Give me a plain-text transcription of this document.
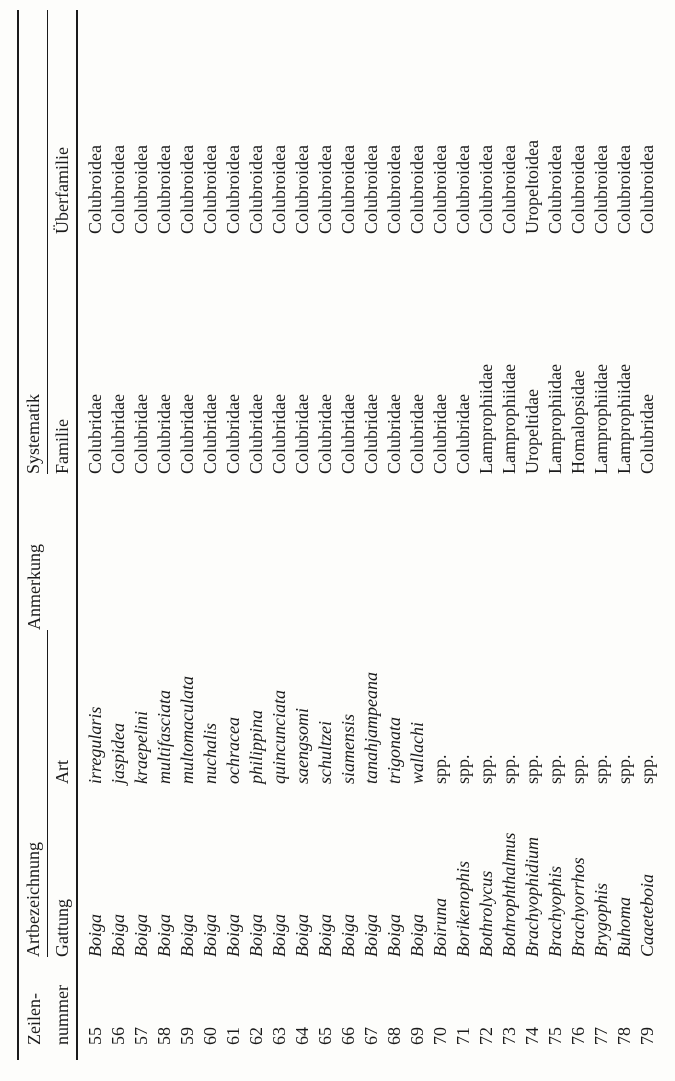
Zeilen-
Artbezeichnung
Anmerkung
Systematik
nummer
Gattung
Art
Familie
Überfamilie
55
Boiga
irregularis
Colubridae
Colubroidea
56
Boiga
jaspidea
Colubridae
Colubroidea
57
Boiga
kraepelini
Colubridae
Colubroidea
58
Boiga
multifasciata
Colubridae
Colubroidea
59
Boiga
multomaculata
Colubridae
Colubroidea
60
Boiga
nuchalis
Colubridae
Colubroidea
61
Boiga
ochracea
Colubridae
Colubroidea
62
Boiga
philippina
Colubridae
Colubroidea
63
Boiga
quincunciata
Colubridae
Colubroidea
64
Boiga
saengsomi
Colubridae
Colubroidea
65
Boiga
schultzei
Colubridae
Colubroidea
66
Boiga
siamensis
Colubridae
Colubroidea
67
Boiga
tanahjampeana
Colubridae
Colubroidea
68
Boiga
trigonata
Colubridae
Colubroidea
69
Boiga
wallachi
Colubridae
Colubroidea
70
Boiruna
spp.
Colubridae
Colubroidea
71
Borikenophis
spp.
Colubridae
Colubroidea
72
Bothrolycus
spp.
Lamprophiidae
Colubroidea
73
Bothrophthalmus
spp.
Lamprophiidae
Colubroidea
74
Brachyophidium
spp.
Uropeltidae
Uropeltoidea
75
Brachyophis
spp.
Lamprophiidae
Colubroidea
76
Brachyorrhos
spp.
Homalopsidae
Colubroidea
77
Brygophis
spp.
Lamprophiidae
Colubroidea
78
Buhoma
spp.
Lamprophiidae
Colubroidea
79
Caaeteboia
spp.
Colubridae
Colubroidea
